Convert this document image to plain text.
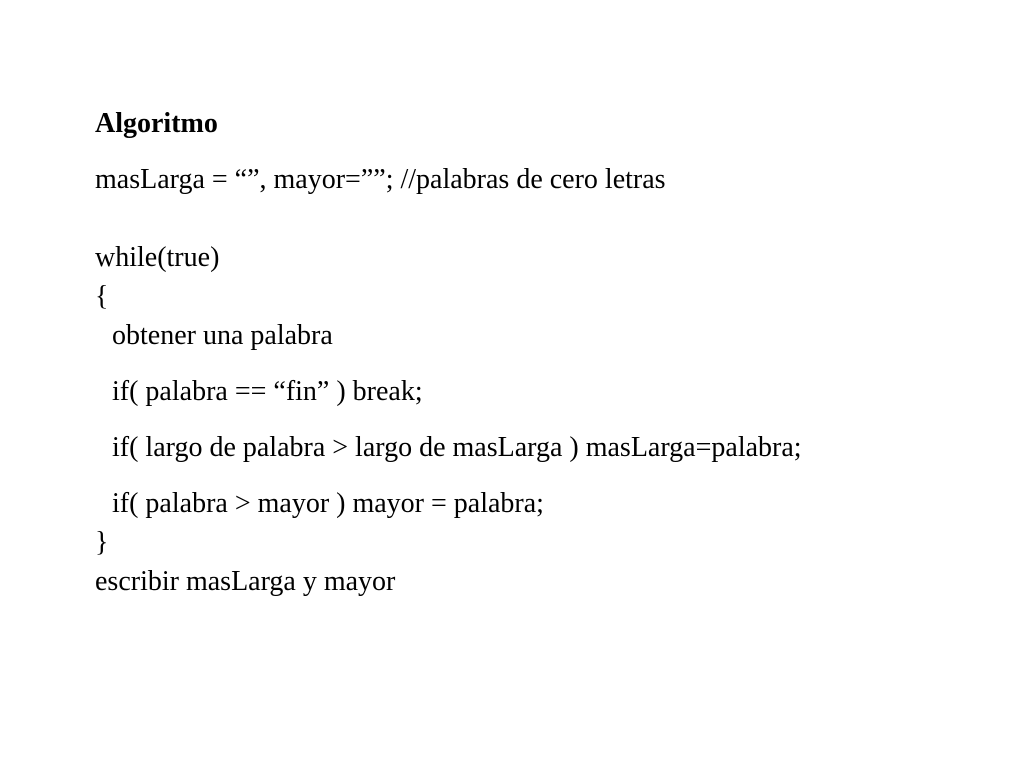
Algoritmo
masLarga = “”, mayor=””; //palabras de cero letras
while(true)
{
obtener una palabra
if( palabra == “fin” ) break;
if( largo de palabra > largo de masLarga ) masLarga=palabra;
if( palabra > mayor ) mayor = palabra;
}
escribir masLarga y mayor
